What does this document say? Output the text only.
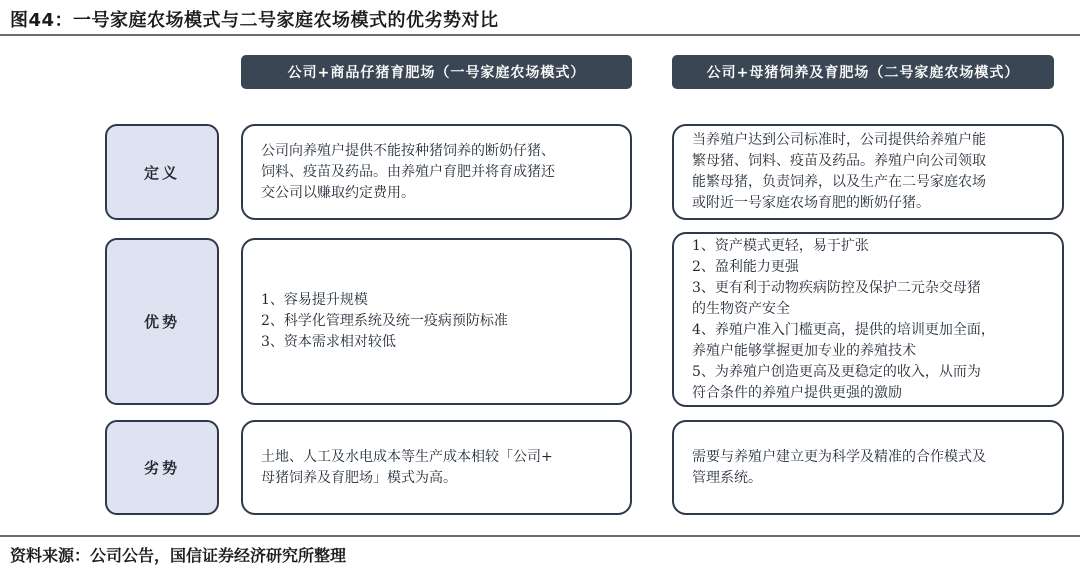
图44：一号家庭农场模式与二号家庭农场模式的优劣势对比
公司+商品仔猪育肥场（一号家庭农场模式）	公司+母猪饲养及育肥场（二号家庭农场模式）
定义
公司向养殖户提供不能按种猪饲养的断奶仔猪、
饲料、疫苗及药品。由养殖户育肥并将育成猪还
交公司以赚取约定费用。
当养殖户达到公司标准时，公司提供给养殖户能
繁母猪、饲料、疫苗及药品。养殖户向公司领取
能繁母猪，负责饲养，以及生产在二号家庭农场
或附近一号家庭农场育肥的断奶仔猪。
优势
1、容易提升规模
2、科学化管理系统及统一疫病预防标准
3、资本需求相对较低
1、资产模式更轻，易于扩张
2、盈利能力更强
3、更有利于动物疾病防控及保护二元杂交母猪
的生物资产安全
4、养殖户准入门槛更高，提供的培训更加全面，
养殖户能够掌握更加专业的养殖技术
5、为养殖户创造更高及更稳定的收入，从而为
符合条件的养殖户提供更强的激励
劣势
土地、人工及水电成本等生产成本相较「公司+
母猪饲养及育肥场」模式为高。
需要与养殖户建立更为科学及精准的合作模式及
管理系统。
资料来源：公司公告，国信证券经济研究所整理
